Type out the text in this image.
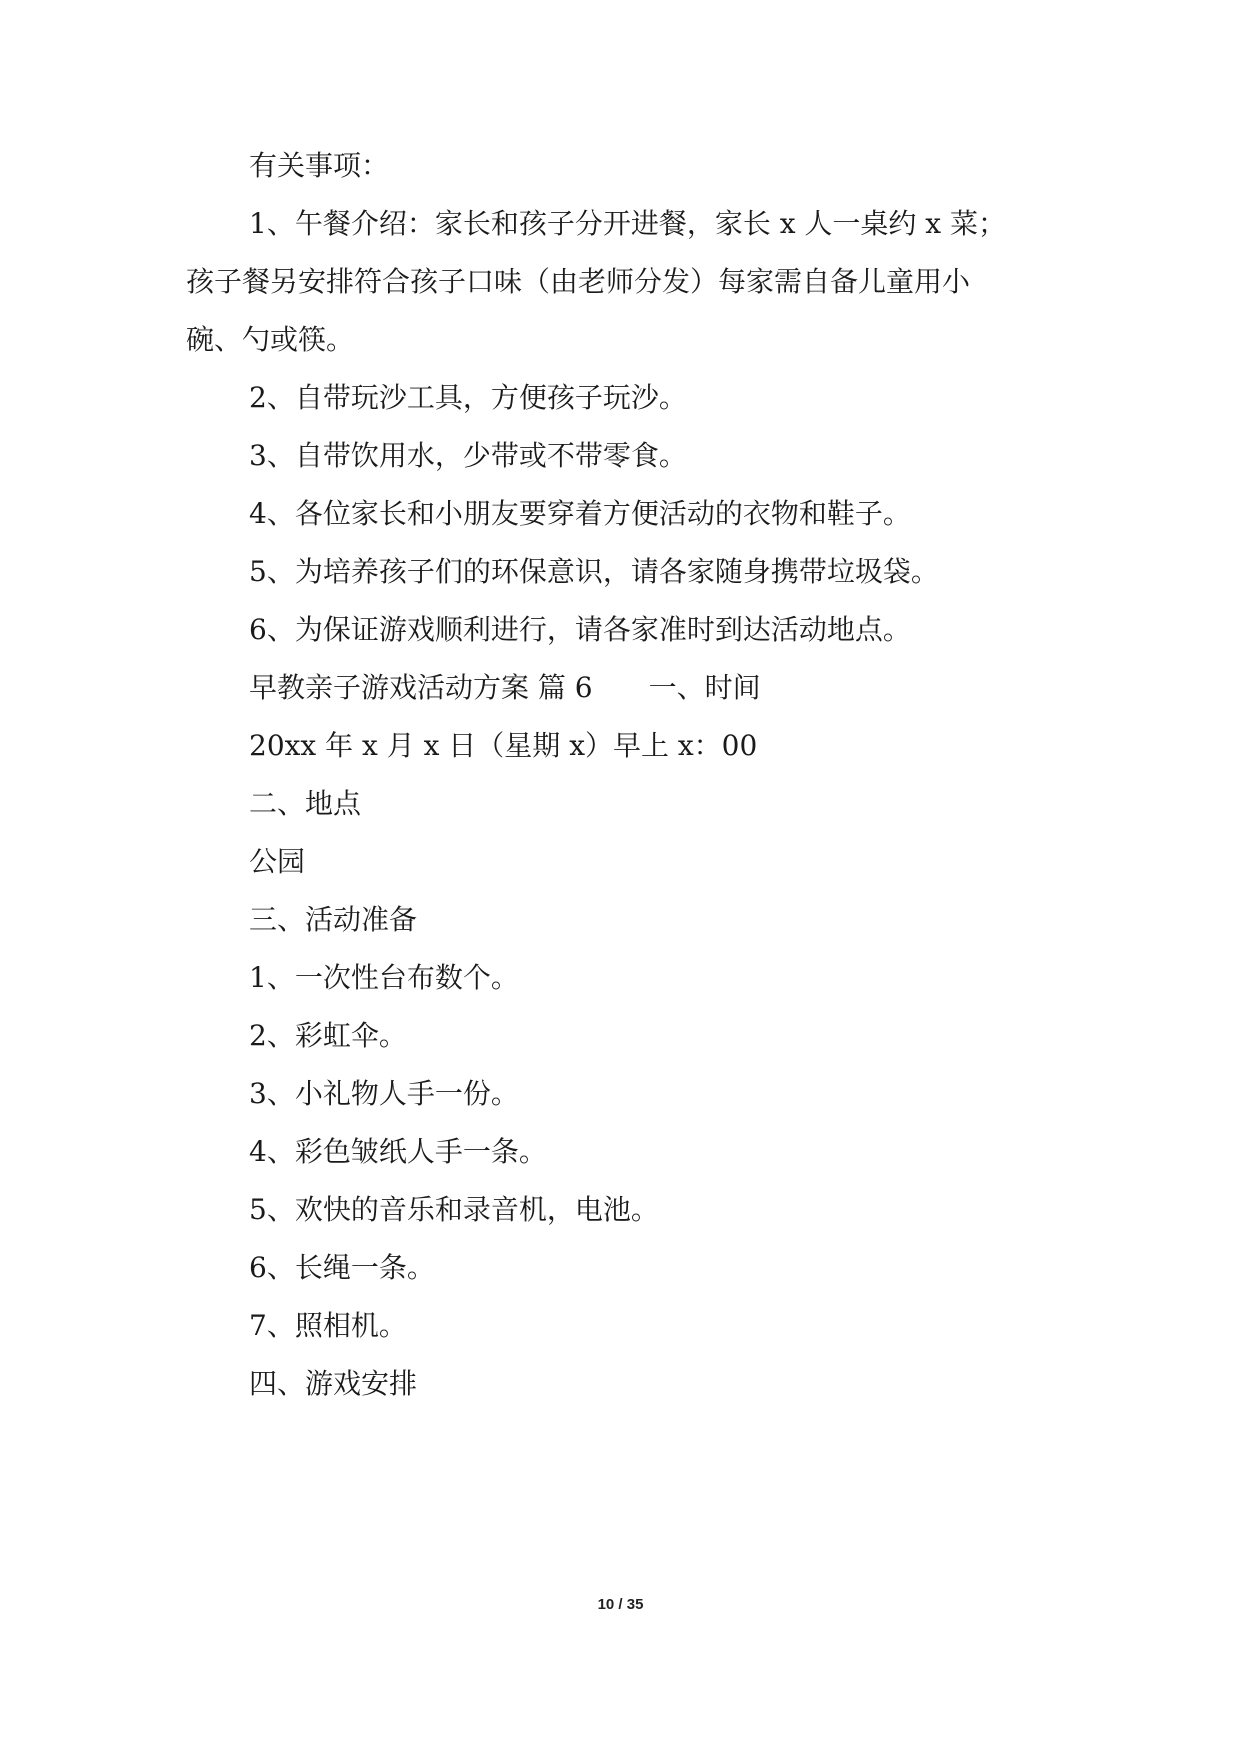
有关事项：
1、午餐介绍：家长和孩子分开进餐，家长 x 人一桌约 x 菜；
孩子餐另安排符合孩子口味（由老师分发）每家需自备儿童用小
碗、勺或筷。
2、自带玩沙工具，方便孩子玩沙。
3、自带饮用水，少带或不带零食。
4、各位家长和小朋友要穿着方便活动的衣物和鞋子。
5、为培养孩子们的环保意识，请各家随身携带垃圾袋。
6、为保证游戏顺利进行，请各家准时到达活动地点。
早教亲子游戏活动方案 篇 6 一、时间
20xx 年 x 月 x 日（星期 x）早上 x：00
二、地点
公园
三、活动准备
1、一次性台布数个。
2、彩虹伞。
3、小礼物人手一份。
4、彩色皱纸人手一条。
5、欢快的音乐和录音机，电池。
6、长绳一条。
7、照相机。
四、游戏安排
10 / 35
